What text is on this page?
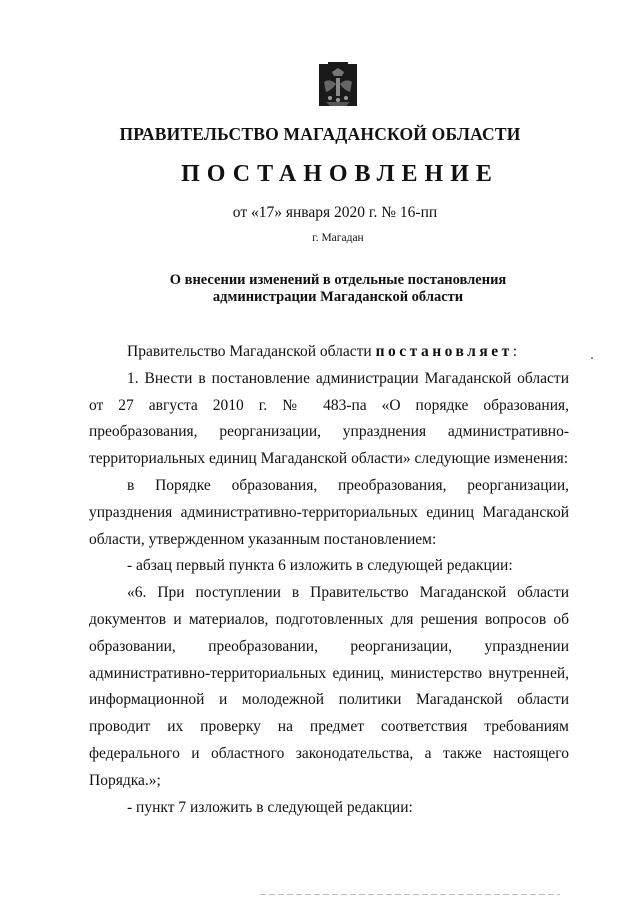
ПРАВИТЕЛЬСТВО МАГАДАНСКОЙ ОБЛАСТИ
ПОСТАНОВЛЕНИЕ
от «17» января 2020 г. № 16-пп
г. Магадан
О внесении изменений в отдельные постановления
администрации Магаданской области

Правительство Магаданской области постановляет:

1. Внести в постановление администрации Магаданской области от 27 августа 2010 г. № 483-па «О порядке образования, преобразования, реорганизации, упразднения административно-территориальных единиц Магаданской области» следующие изменения:

в Порядке образования, преобразования, реорганизации, упразднения административно-территориальных единиц Магаданской области, утвержденном указанным постановлением:

- абзац первый пункта 6 изложить в следующей редакции:

«6. При поступлении в Правительство Магаданской области документов и материалов, подготовленных для решения вопросов об образовании, преобразовании, реорганизации, упразднении административно-территориальных единиц, министерство внутренней, информационной и молодежной политики Магаданской области проводит их проверку на предмет соответствия требованиям федерального и областного законодательства, а также настоящего Порядка.»;

- пункт 7 изложить в следующей редакции:
